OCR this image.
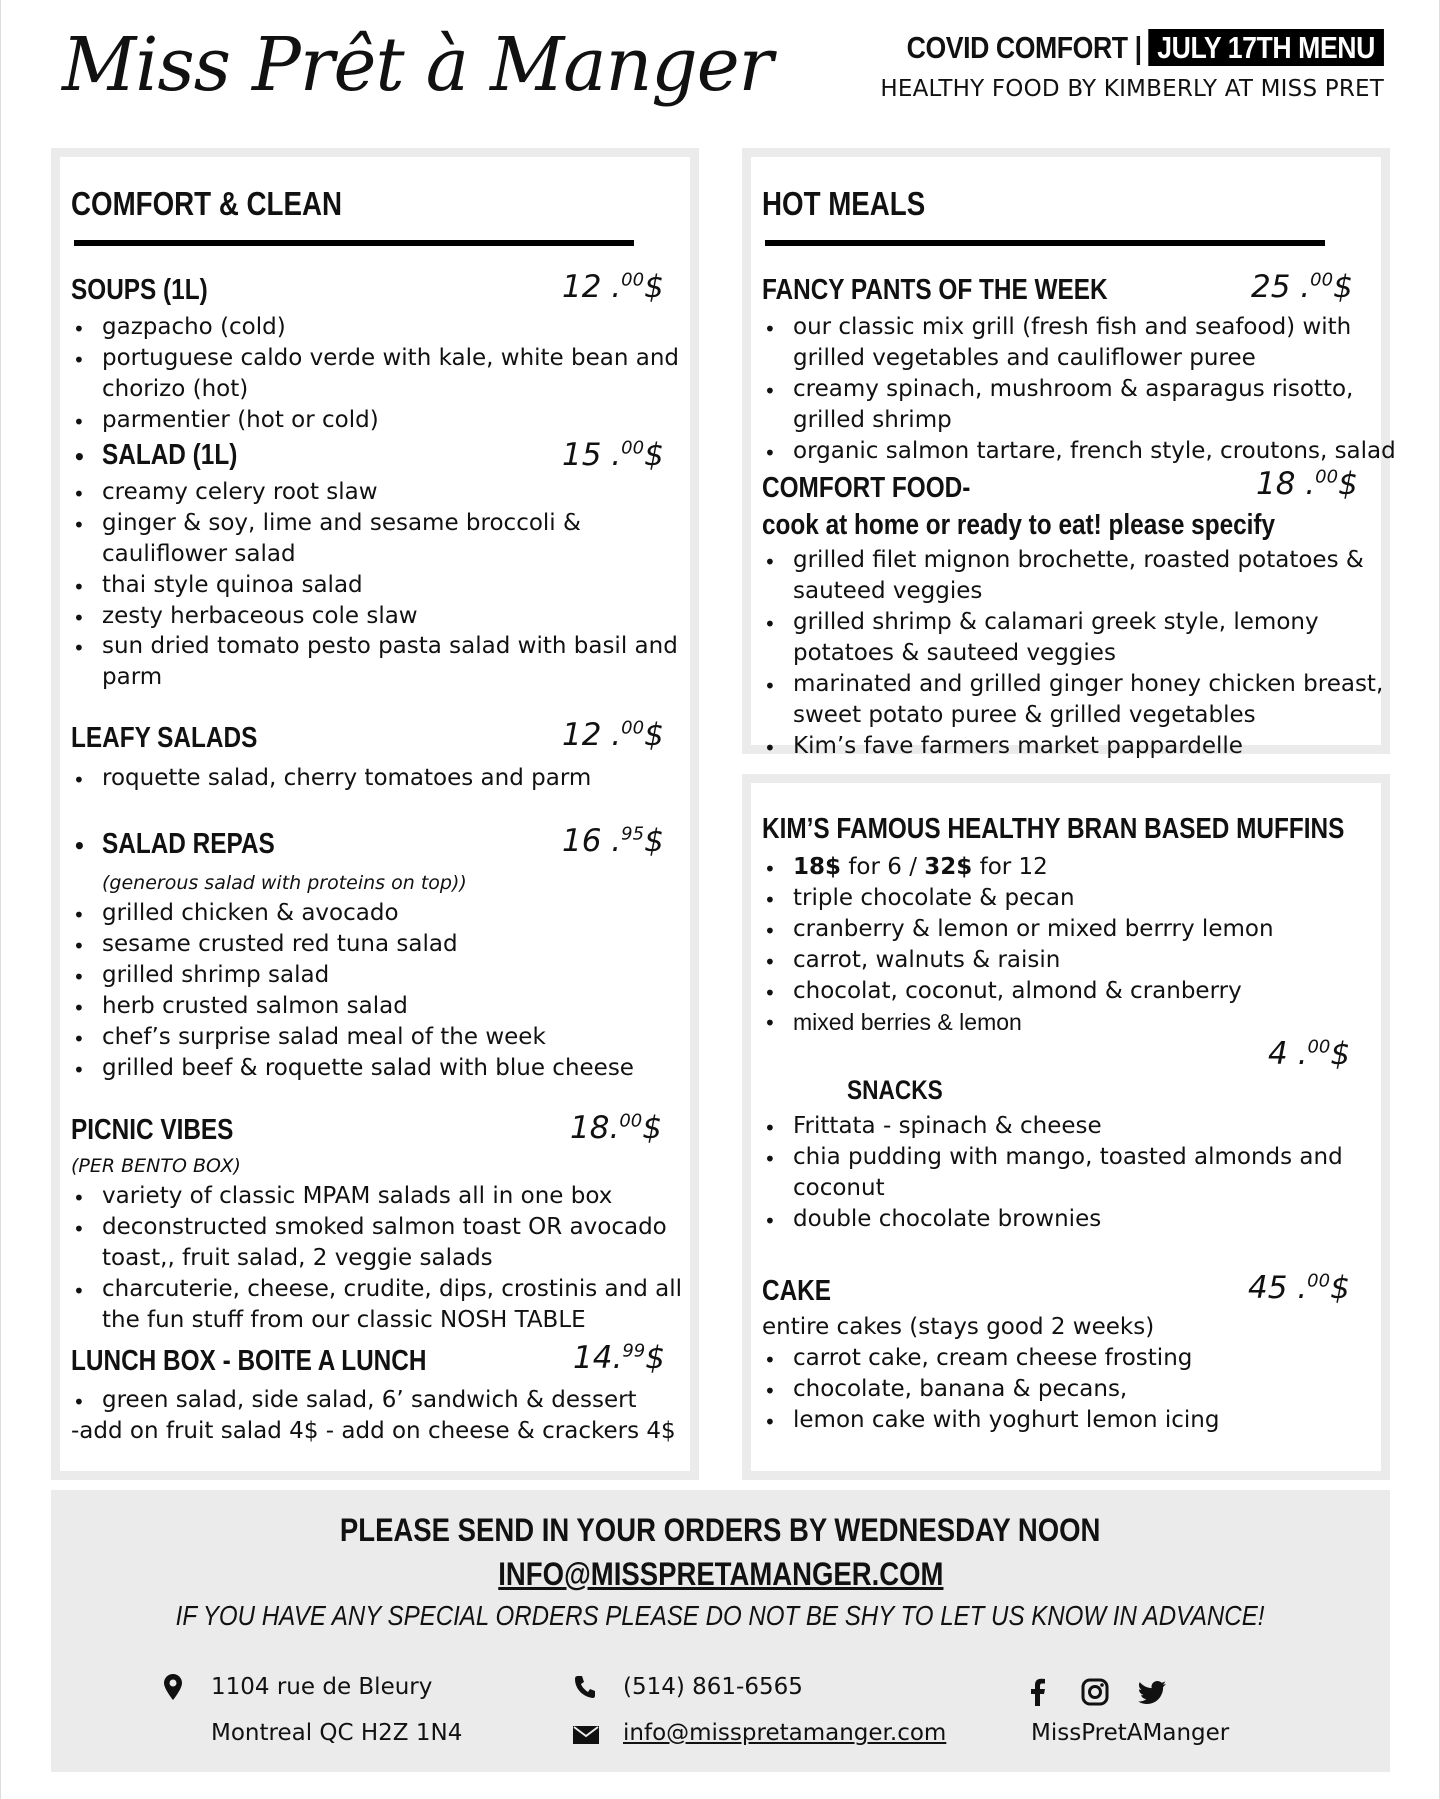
Miss Prêt à Manger	COVID COMFORT | JULY 17TH MENU
HEALTHY FOOD BY KIMBERLY AT MISS PRET
COMFORT & CLEAN
SOUPS (1L)	12 .$^{00}$\$
• gazpacho (cold)
• portuguese caldo verde with kale, white bean and
chorizo (hot)
• parmentier (hot or cold)
• SALAD (1L)	15 .$^{00}$\$
• creamy celery root slaw
• ginger & soy, lime and sesame broccoli &
cauliflower salad
• thai style quinoa salad
• zesty herbaceous cole slaw
• sun dried tomato pesto pasta salad with basil and
parm
LEAFY SALADS	12 .$^{00}$\$
• roquette salad, cherry tomatoes and parm
• SALAD REPAS	16 .$^{95}$\$
(generous salad with proteins on top))
• grilled chicken & avocado
• sesame crusted red tuna salad
• grilled shrimp salad
• herb crusted salmon salad
• chef’s surprise salad meal of the week
• grilled beef & roquette salad with blue cheese
PICNIC VIBES	18.00$
(PER BENTO BOX)
• variety of classic MPAM salads all in one box
• deconstructed smoked salmon toast OR avocado
toast,, fruit salad, 2 veggie salads
• charcuterie, cheese, crudite, dips, crostinis and all
the fun stuff from our classic NOSH TABLE
LUNCH BOX - BOITE A LUNCH	14.99$
• green salad, side salad, 6’ sandwich & dessert
-add on fruit salad 4$ - add on cheese & crackers 4$
HOT MEALS
FANCY PANTS OF THE WEEK	25 .$^{00}$\$
• our classic mix grill (fresh fish and seafood) with
grilled vegetables and cauliflower puree
• creamy spinach, mushroom & asparagus risotto,
grilled shrimp
• organic salmon tartare, french style, croutons, salad
COMFORT FOOD-	18 .$^{00}$\$
cook at home or ready to eat! please specify
• grilled filet mignon brochette, roasted potatoes &
sauteed veggies
• grilled shrimp & calamari greek style, lemony
potatoes & sauteed veggies
• marinated and grilled ginger honey chicken breast,
sweet potato puree & grilled vegetables
• Kim’s fave farmers market pappardelle
KIM’S FAMOUS HEALTHY BRAN BASED MUFFINS
• 18$ for 6 / 32$ for 12
• triple chocolate & pecan
• cranberry & lemon or mixed berrry lemon
• carrot, walnuts & raisin
• chocolat, coconut, almond & cranberry
• mixed berries & lemon
4 .$^{00}$\$
SNACKS
• Frittata - spinach & cheese
• chia pudding with mango, toasted almonds and
coconut
• double chocolate brownies
CAKE	45 .$^{00}$\$
entire cakes (stays good 2 weeks)
• carrot cake, cream cheese frosting
• chocolate, banana & pecans,
• lemon cake with yoghurt lemon icing
PLEASE SEND IN YOUR ORDERS BY WEDNESDAY NOON
INFO@MISSPRETAMANGER.COM
IF YOU HAVE ANY SPECIAL ORDERS PLEASE DO NOT BE SHY TO LET US KNOW IN ADVANCE!
1104 rue de Bleury
Montreal QC H2Z 1N4
(514) 861-6565
info@misspretamanger.com	MissPretAManger
